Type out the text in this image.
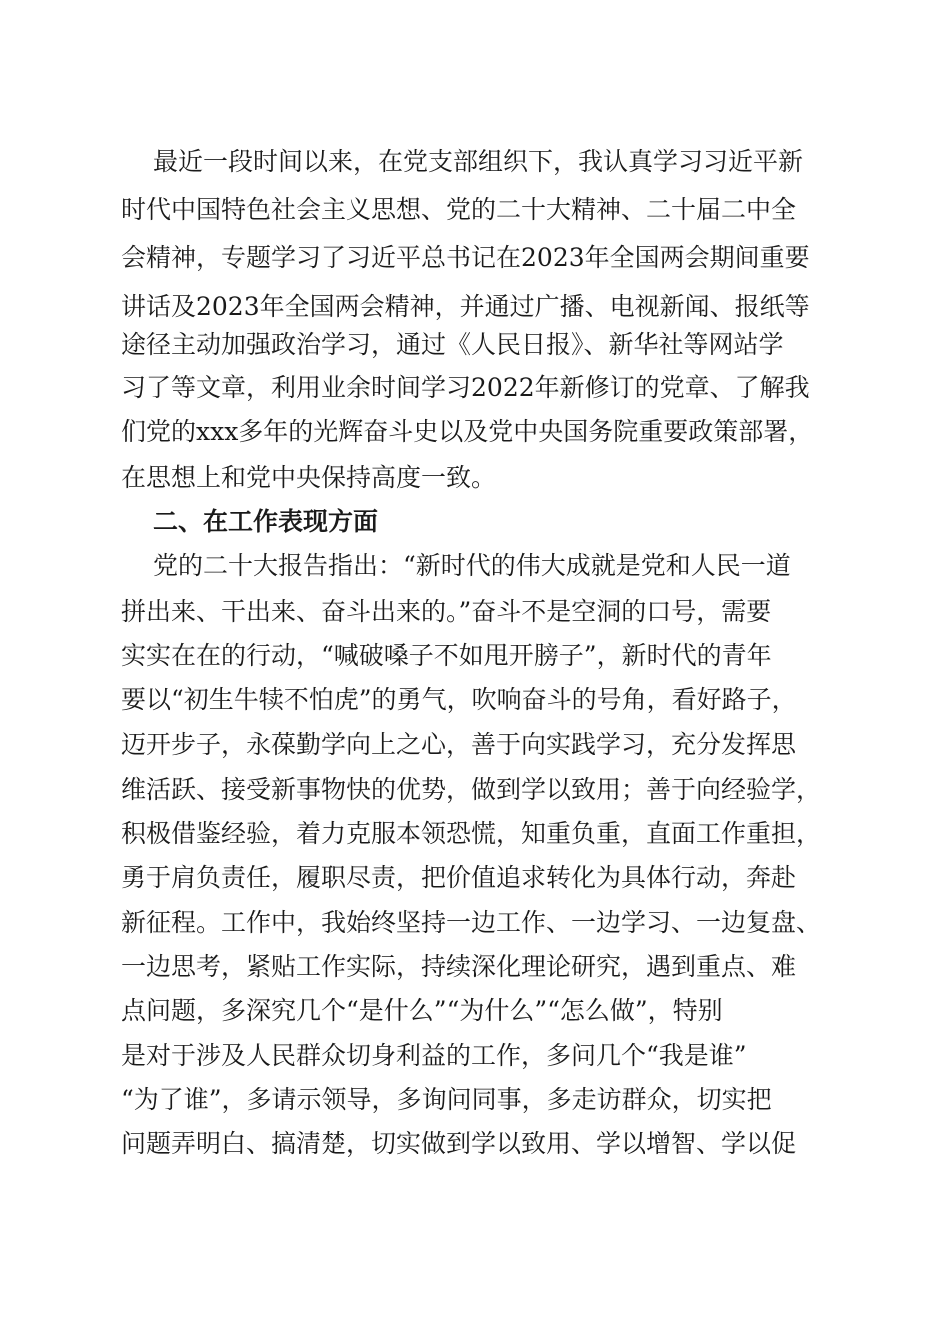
最近一段时间以来，在党支部组织下，我认真学习习近平新
时代中国特色社会主义思想、党的二十大精神、二十届二中全
会精神，专题学习了习近平总书记在2023年全国两会期间重要
讲话及2023年全国两会精神，并通过广播、电视新闻、报纸等
途径主动加强政治学习，通过《人民日报》、新华社等网站学
习了等文章，利用业余时间学习2022年新修订的党章、了解我
们党的xxx多年的光辉奋斗史以及党中央国务院重要政策部署，
在思想上和党中央保持高度一致。
二、在工作表现方面
党的二十大报告指出：“新时代的伟大成就是党和人民一道
拼出来、干出来、奋斗出来的。”奋斗不是空洞的口号，需要
实实在在的行动，“喊破嗓子不如甩开膀子”，新时代的青年
要以“初生牛犊不怕虎”的勇气，吹响奋斗的号角，看好路子，
迈开步子，永葆勤学向上之心，善于向实践学习，充分发挥思
维活跃、接受新事物快的优势，做到学以致用；善于向经验学，
积极借鉴经验，着力克服本领恐慌，知重负重，直面工作重担，
勇于肩负责任，履职尽责，把价值追求转化为具体行动，奔赴
新征程。工作中，我始终坚持一边工作、一边学习、一边复盘、
一边思考，紧贴工作实际，持续深化理论研究，遇到重点、难
点问题，多深究几个“是什么”“为什么”“怎么做”，特别
是对于涉及人民群众切身利益的工作，多问几个“我是谁”
“为了谁”，多请示领导，多询问同事，多走访群众，切实把
问题弄明白、搞清楚，切实做到学以致用、学以增智、学以促
